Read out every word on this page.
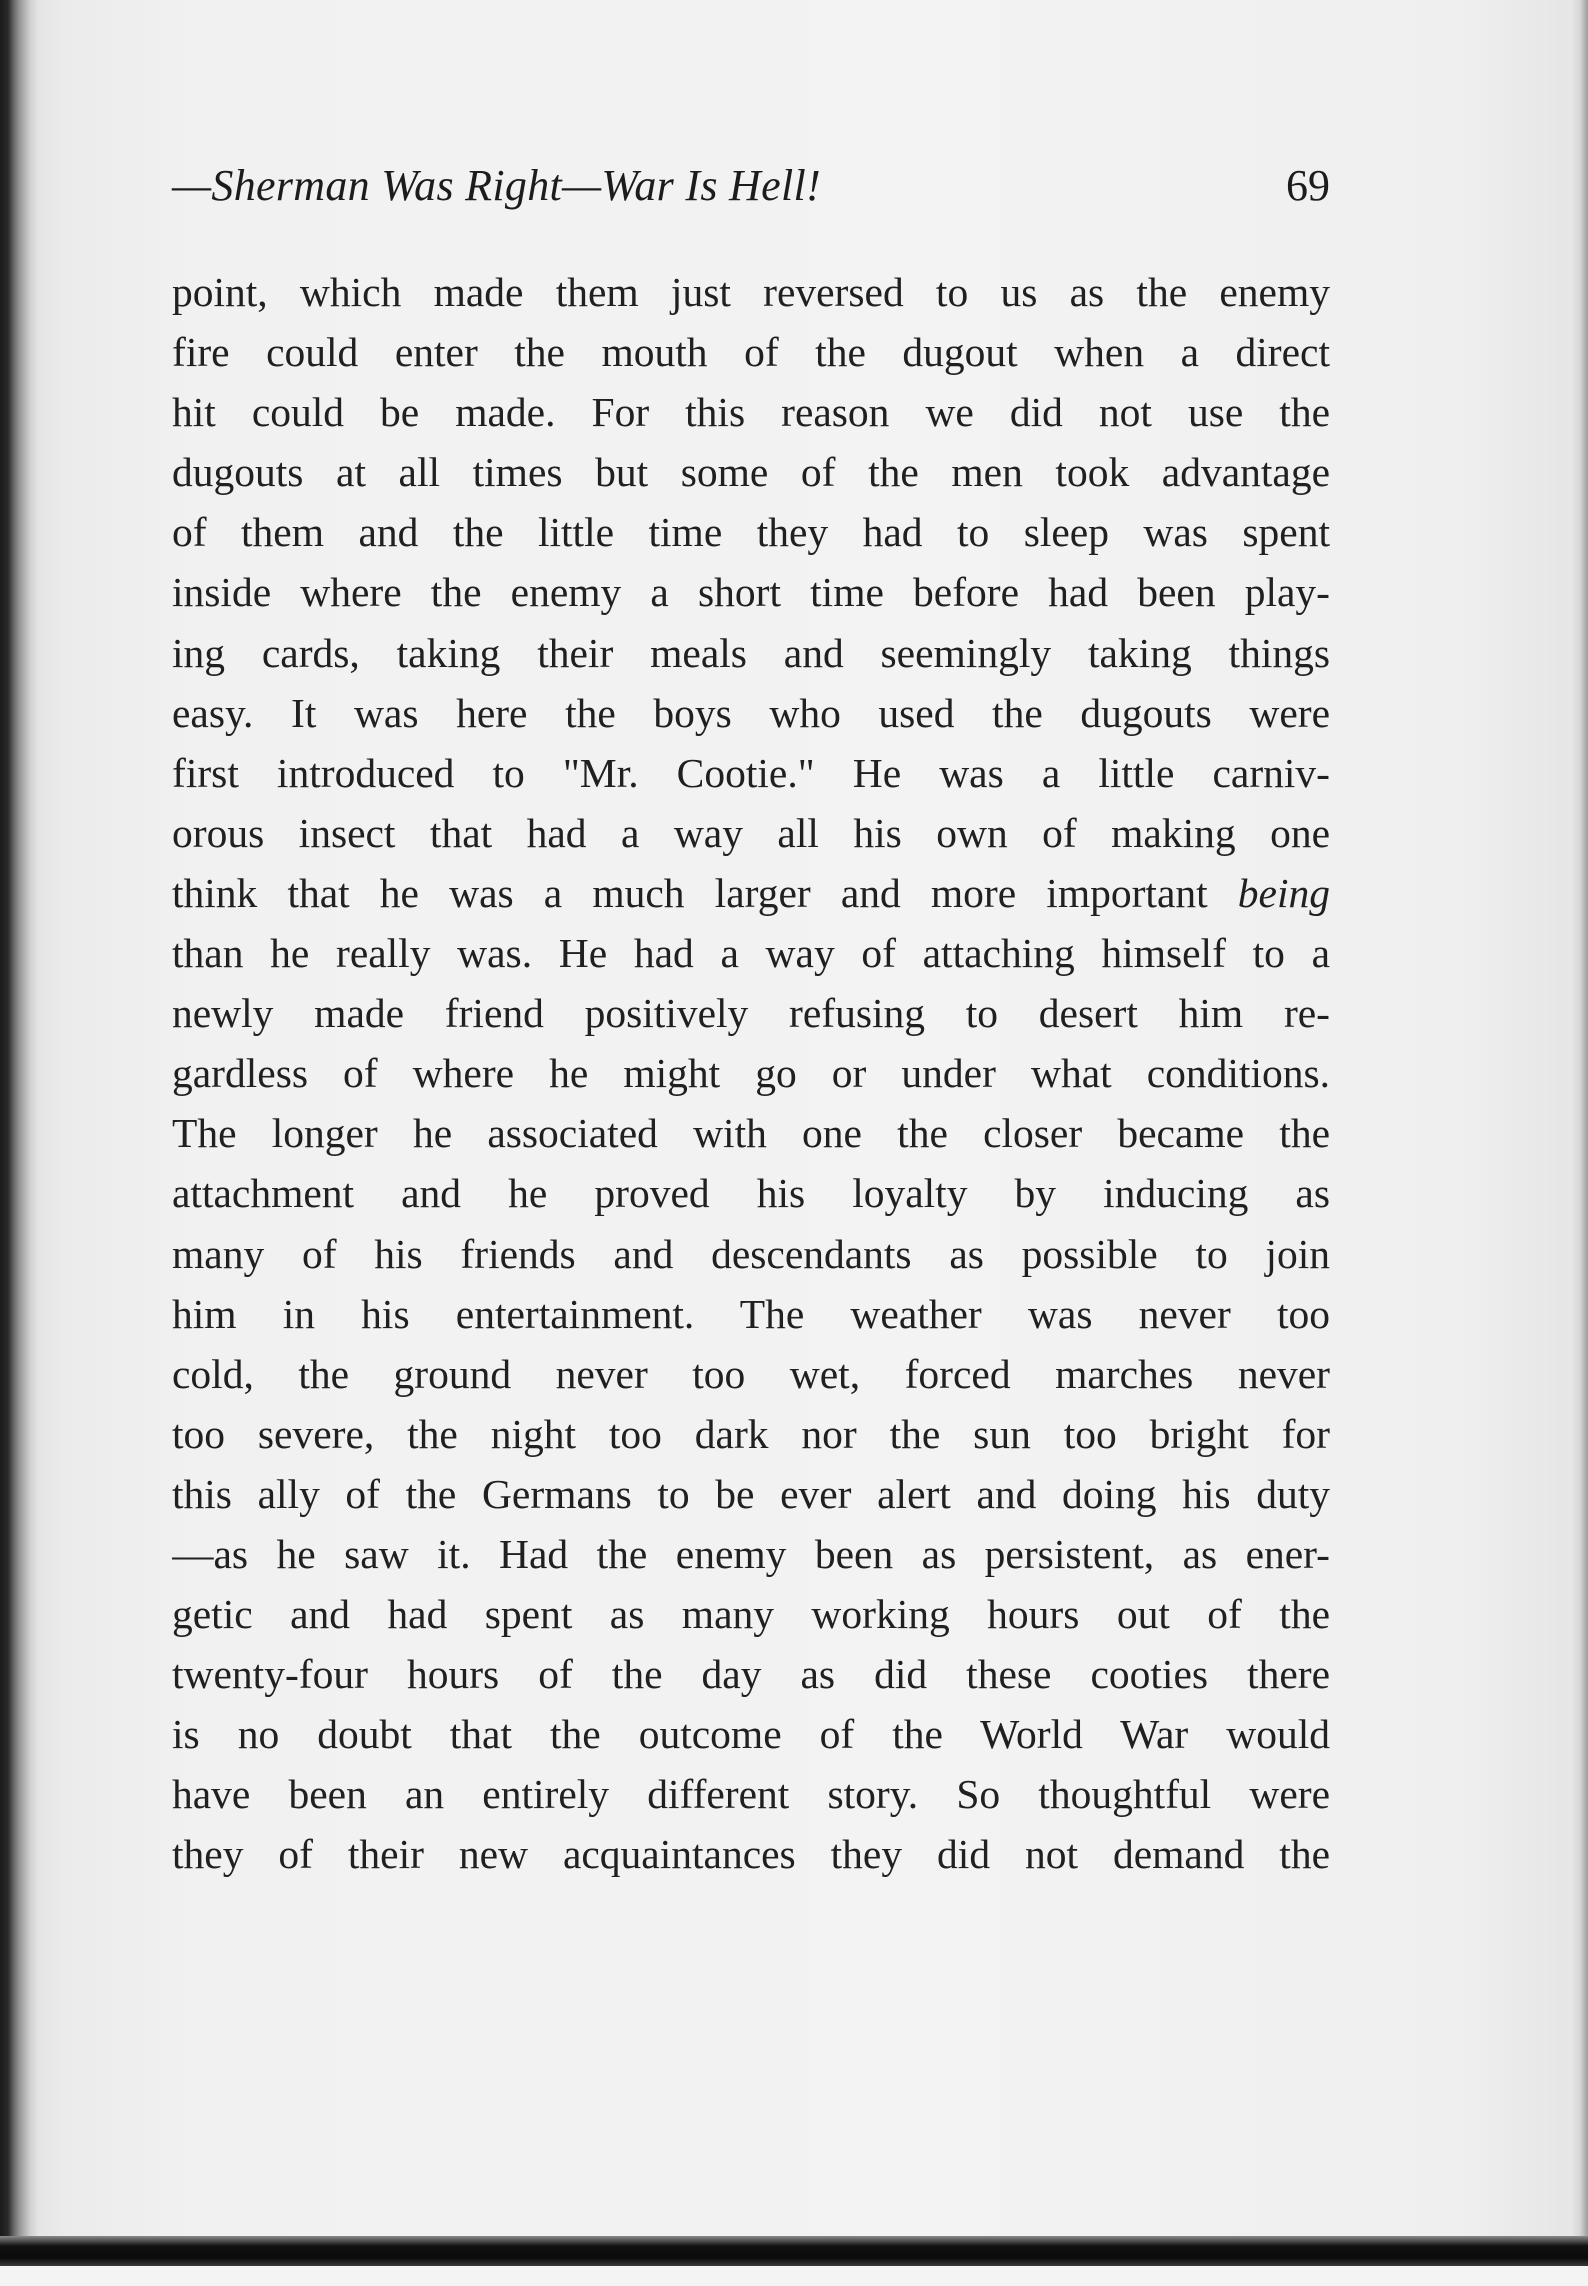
—Sherman Was Right—War Is Hell!	69
point, which made them just reversed to us as the enemy
fire could enter the mouth of the dugout when a direct
hit could be made. For this reason we did not use the
dugouts at all times but some of the men took advantage
of them and the little time they had to sleep was spent
inside where the enemy a short time before had been play-
ing cards, taking their meals and seemingly taking things
easy. It was here the boys who used the dugouts were
first introduced to "Mr. Cootie." He was a little carniv-
orous insect that had a way all his own of making one
think that he was a much larger and more important being
than he really was. He had a way of attaching himself to a
newly made friend positively refusing to desert him re-
gardless of where he might go or under what conditions.
The longer he associated with one the closer became the
attachment and he proved his loyalty by inducing as
many of his friends and descendants as possible to join
him in his entertainment. The weather was never too
cold, the ground never too wet, forced marches never
too severe, the night too dark nor the sun too bright for
this ally of the Germans to be ever alert and doing his duty
—as he saw it. Had the enemy been as persistent, as ener-
getic and had spent as many working hours out of the
twenty-four hours of the day as did these cooties there
is no doubt that the outcome of the World War would
have been an entirely different story. So thoughtful were
they of their new acquaintances they did not demand the
